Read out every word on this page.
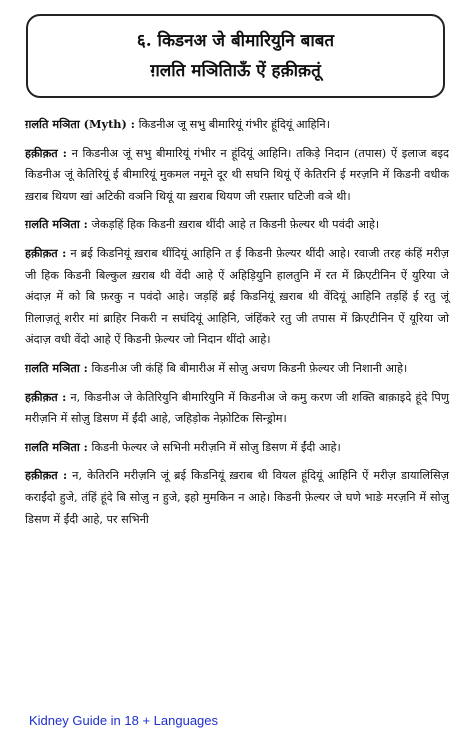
६. किडनअ जे बीमारियुनि बाबत
ग़लति मञितिाऊँ ऐं हक़ीक़तूं

ग़लति मञिता (Myth) : किडनीअ जू सभु बीमारियूं गंभीर हूंदियूं आहिनि।

हक़ीक़त : न किडनीअ जूं सभु बीमारियूं गंभीर न हूंदियूं आहिनि। तकिड़े निदान (तपास) ऐं इलाज बइद किडनीअ जूं केतिरियूं ई बीमारियूं मुकमल नमूने दूर थी सघनि थियूं ऐं केतिरनि ई मरज़नि में किडनी वधीक ख़राब थियण खां अटिकी वञनि थियूं या ख़राब थियण जी रफ़्तार घटिजी वञे थी।

ग़लति मञिता : जेकड़हिं हिक किडनी ख़राब थींदी आहे त किडनी फ़ेल्यर थी पवंदी आहे।

हक़ीक़त : न ब्रई किडनियूं ख़राब थींदियूं आहिनि त ई किडनी फ़ेल्यर थींदी आहे। रवाजी तरह कंहिं मरीज़ जी हिक किडनी बिल्कुल ख़राब थी वेंदी आहे ऐं अहिड़ियुनि हालतुनि में रत में क्रिएटीनिन ऐं युरिया जे अंदाज़ में को बि फ़रकु न पवंदो आहे। जड़हिं ब्रई किडनियूं ख़राब थी वेंदियूं आहिनि तड़हिं ई रतु जूं ग़िलाज़तूं शरीर मां ब्राहिर निकरी न सघंदियूं आहिनि, जंहिंकरे रतु जी तपास में क्रिएटीनिन ऐं यूरिया जो अंदाज़ वधी वेंदो आहे ऐं किडनी फ़ेल्यर जो निदान थींदो आहे।

ग़लति मञिता : किडनीअ जी कंहिं बि बीमारीअ में सोज़ु अचण किडनी फ़ेल्यर जी निशानी आहे।

हक़ीक़त : न, किडनीअ जे केतिरियुनि बीमारियुनि में किडनीअ जे कमु करण जी शक्ति बाक़ाइदे हूंदे पिणु मरीज़नि में सोज़ु डिसण में ईंदी आहे, जहिड़ोक नेफ़्रोटिक सिन्ड्रोम।

ग़लति मञिता : किडनी फेल्यर जे सभिनी मरीज़नि में सोज़ु डिसण में ईंदी आहे।

हक़ीक़त : न, केतिरनि मरीज़नि जूं ब्रई किडनियूं ख़राब थी वियल हूंदियूं आहिनि ऐं मरीज़ डायालिसिज़ कराईंदो हुजे, तंहिं हूंदे बि सोज़ु न हुजे, इहो मुमकिन न आहे। किडनी फ़ेल्यर जे घणे भाङे मरज़नि में सोज़ु डिसण में ईंदी आहे, पर सभिनी

Kidney Guide in 18 + Languages
